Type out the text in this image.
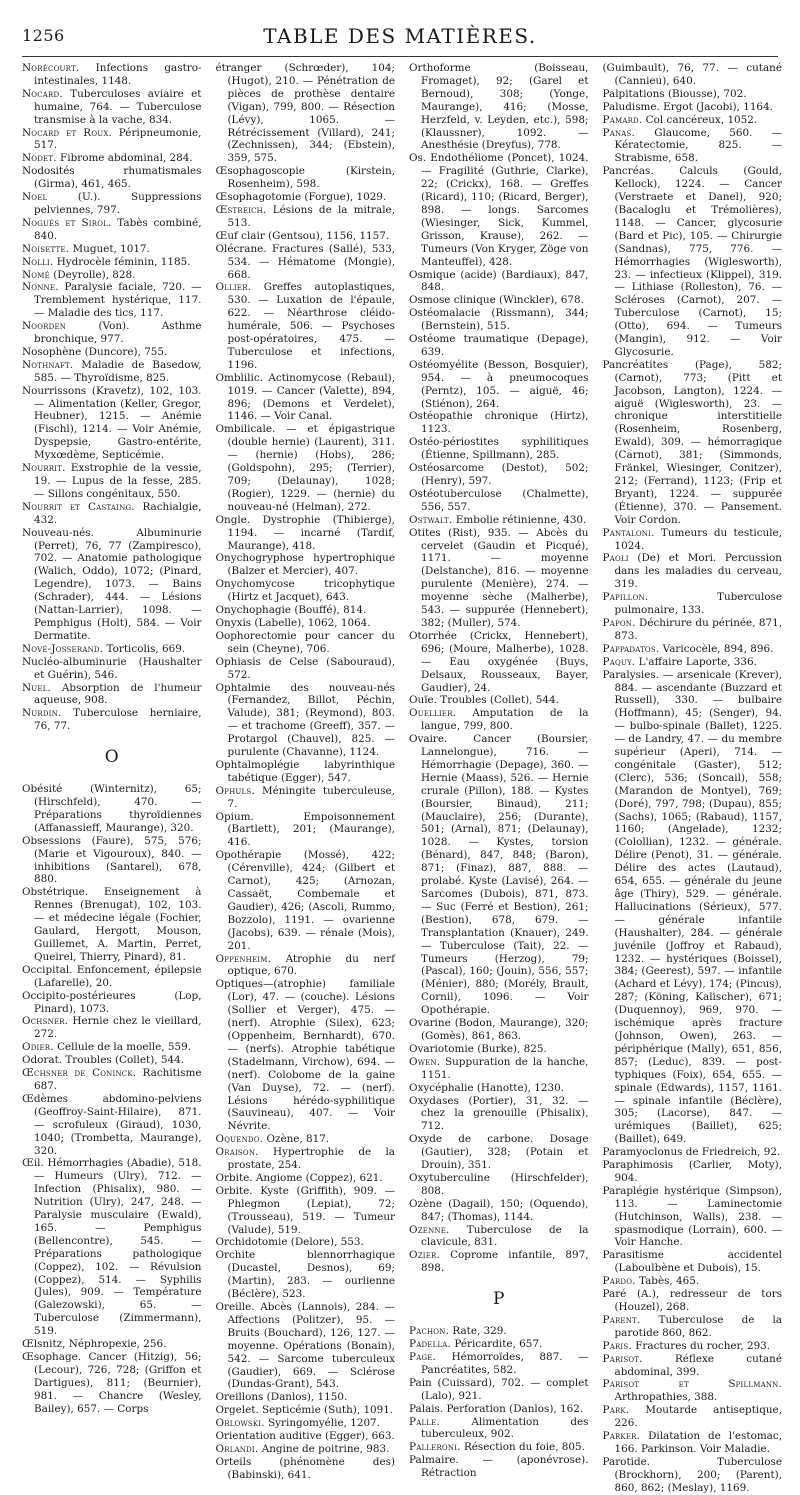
1256	TABLE DES MATIÈRES.

Norécourt. Infections gastro-intestinales, 1148.

Nocard. Tuberculoses aviaire et humaine, 764. — Tuberculose transmise à la vache, 834.

Nocard et Roux. Péripneumonie, 517.

Nodet. Fibrome abdominal, 284.

Nodosités rhumatismales (Girma), 461, 465.

Noel (U.). Suppressions pelviennes, 797.

Noguès et Sirol. Tabès combiné, 840.

Noisette. Muguet, 1017.

Nolli. Hydrocèle féminin, 1185.

Nomé (Deyrolle), 828.

Nonne. Paralysie faciale, 720. — Tremblement hystérique, 117. — Maladie des tics, 117.

Noorden (Von). Asthme bronchique, 977.

Nosophène (Duncore), 755.

Nothnaft. Maladie de Basedow, 585. — Thyroïdisme, 825.

Nourrissons (Kravetz), 102, 103. — Alimentation (Keller, Gregor, Heubner), 1215. — Anémie (Fischl), 1214. — Voir Anémie, Dyspepsie, Gastro-entérite, Myxœdème, Septicémie.

Nourrit. Exstrophie de la vessie, 19. — Lupus de la fesse, 285. — Sillons congénitaux, 550.

Nourrit et Castaing. Rachialgie, 432.

Nouveau-nés. Albuminurie (Perret), 76, 77 (Zampiresco), 702. — Anatomie pathologique (Walich, Oddo), 1072; (Pinard, Legendre), 1073. — Bains (Schrader), 444. — Lésions (Nattan-Larrier), 1098. — Pemphigus (Holt), 584. — Voir Dermatite.

Nové-Josserand. Torticolis, 669.

Nucléo-albuminurie (Haushalter et Guérin), 546.

Nuel. Absorption de l'humeur aqueuse, 908.

Nurdin. Tuberculose herniaire, 76, 77.

O

Obésité (Winternitz), 65; (Hirschfeld), 470. — Préparations thyroïdiennes (Affanassieff, Maurange), 320.

Obsessions (Faure), 575, 576; (Marie et Vigouroux), 840. — inhibitions (Santarel), 678, 880.

Obstétrique. Enseignement à Rennes (Brenugat), 102, 103. — et médecine légale (Fochier, Gaulard, Hergott, Mouson, Guillemet, A. Martin, Perret, Queirel, Thierry, Pinard), 81.

Occipital. Enfoncement, épilepsie (Lafarelle), 20.

Occipito-postérieures (Lop, Pinard), 1073.

Ochsner. Hernie chez le vieillard, 272.

Odier. Cellule de la moelle, 559.

Odorat. Troubles (Collet), 544.

Œchsner de Coninck. Rachitisme 687.

Œdèmes abdomino-pelviens (Geoffroy-Saint-Hilaire), 871. — scrofuleux (Giraud), 1030, 1040; (Trombetta, Maurange), 320.

Œil. Hémorrhagies (Abadie), 518. — Humeurs (Ulry), 712. — Infection (Phisalix), 980. — Nutrition (Ulry), 247, 248. — Paralysie musculaire (Ewald), 165. — Pemphigus (Bellencontre), 545. — Préparations pathologique (Coppez), 102. — Révulsion (Coppez), 514. — Syphilis (Jules), 909. — Température (Galezowski), 65. — Tuberculose (Zimmermann), 519.

Œlsnitz, Néphropexie, 256.

Œsophage. Cancer (Hitzig), 56; (Lecour), 726, 728; (Griffon et Dartigues), 811; (Beurnier), 981. — Chancre (Wesley, Bailey), 657. — Corps

étranger (Schrœder), 104; (Hugot), 210. — Pénétration de pièces de prothèse dentaire (Vigan), 799, 800. — Résection (Lévy), 1065. — Rétrécissement (Villard), 241; (Zechnissen), 344; (Ebstein), 359, 575.

Œsophagoscopie (Kirstein, Rosenheim), 598.

Œsophagotomie (Forgue), 1029.

Œstreich. Lésions de la mitrale, 513.

Œuf clair (Gentsou), 1156, 1157.

Olécrane. Fractures (Sallé), 533, 534. — Hématome (Mongie), 668.

Ollier. Greffes autoplastiques, 530. — Luxation de l'épaule, 622. — Néarthrose cléido-humérale, 506. — Psychoses post-opératoires, 475. — Tuberculose et infections, 1196.

Omblilic. Actinomycose (Rebaul), 1019. — Cancer (Valette), 894, 896; (Demons et Verdelet), 1146. — Voir Canal.

Ombilicale. — et épigastrique (double hernie) (Laurent), 311. — (hernie) (Hobs), 286; (Goldspohn), 295; (Terrier), 709; (Delaunay), 1028; (Rogier), 1229. — (hernie) du nouveau-né (Helman), 272.

Ongle. Dystrophie (Thibierge), 1194. — incarné (Tardif, Maurange), 418.

Onychogryphose hypertrophique (Balzer et Mercier), 407.

Onychomycose tricophytique (Hirtz et Jacquet), 643.

Onychophagie (Bouffé), 814.

Onyxis (Labelle), 1062, 1064.

Oophorectomie pour cancer du sein (Cheyne), 706.

Ophiasis de Celse (Sabouraud), 572.

Ophtalmie des nouveau-nés (Fernandez, Billot, Péchin, Valude), 381; (Reymond), 803. — et trachome (Greeff), 357. — Protargol (Chauvel), 825. — purulente (Chavanne), 1124.

Ophtalmoplégie labyrinthique tabétique (Egger), 547.

Ophuls. Méningite tuberculeuse, 7.

Opium. Empoisonnement (Bartlett), 201; (Maurange), 416.

Opothérapie (Mossé), 422; (Cérenville), 424; (Gilbert et Carnot), 425; (Arnozan, Cassaët, Combemale et Gaudier), 426; (Ascoli, Rummo, Bozzolo), 1191. — ovarienne (Jacobs), 639. — rénale (Mois), 201.

Oppenheim. Atrophie du nerf optique, 670.

Optiques—(atrophie) familiale (Lor), 47. — (couche). Lésions (Sollier et Verger), 475. — (nerf). Atrophie (Silex), 623; (Oppenheim, Bernhardt), 670. — (nerfs). Atrophie tabétique (Stadelmann, Virchow), 694. — (nerf). Colobome de la gaine (Van Duyse), 72. — (nerf). Lésions hérédo-syphilitique (Sauvineau), 407. — Voir Névrite.

Oquendo. Ozène, 817.

Oraison. Hypertrophie de la prostate, 254.

Orbite. Angiome (Coppez), 621.

Orbite. Kyste (Griffith), 909. — Phlegmon (Lepiat), 72; (Trousseau), 519. — Tumeur (Valude), 519.

Orchidotomie (Delore), 553.

Orchite blennorrhagique (Ducastel, Desnos), 69; (Martin), 283. — ourlienne (Béclère), 523.

Oreille. Abcès (Lannois), 284. — Affections (Politzer), 95. — Bruits (Bouchard), 126, 127. — moyenne. Opérations (Bonain), 542. — Sarcome tuberculeux (Gaudier), 669. — Sclérose (Dundas-Grant), 543.

Oreillons (Danlos), 1150.

Orgelet. Septicémie (Suth), 1091.

Orlowski. Syringomyélie, 1207.

Orientation auditive (Egger), 663.

Orlandi. Angine de poitrine, 983.

Orteils (phénomène des) (Babinski), 641.

Orthoforme (Boisseau, Fromaget), 92; (Garel et Bernoud), 308; (Yonge, Maurange), 416; (Mosse, Herzfeld, v. Leyden, etc.), 598; (Klaussner), 1092. — Anesthésie (Dreyfus), 778.

Os. Endothéliome (Poncet), 1024. — Fragilité (Guthrie, Clarke), 22; (Crickx), 168. — Greffes (Ricard), 110; (Ricard, Berger), 898. — longs. Sarcomes (Wiesinger, Sick, Kummel, Grisson, Krause), 262. — Tumeurs (Von Kryger, Zöge von Manteuffel), 428.

Osmique (acide) (Bardiaux), 847, 848.

Osmose clinique (Winckler), 678.

Ostéomalacie (Rissmann), 344; (Bernstein), 515.

Ostéome traumatique (Depage), 639.

Ostéomyélite (Besson, Bosquier), 954. — à pneumocoques (Perntz), 105. — aiguë, 46; (Stiénon), 264.

Ostéopathie chronique (Hirtz), 1123.

Ostéo-périostites syphilitiques (Étienne, Spillmann), 285.

Ostéosarcome (Destot), 502; (Henry), 597.

Ostéotuberculose (Chalmette), 556, 557.

Ostwalt. Embolie rétinienne, 430.

Otites (Rist), 935. — Abcès du cervelet (Gaudin et Picqué), 1171. — moyenne (Delstanche), 816. — moyenne purulente (Menière), 274. — moyenne sèche (Malherbe), 543. — suppurée (Hennebert), 382; (Muller), 574.

Otorrhée (Crickx, Hennebert), 696; (Moure, Malherbe), 1028. — Eau oxygénée (Buys, Delsaux, Rousseaux, Bayer, Gaudier), 24.

Ouïe. Troubles (Collet), 544.

Ouellier. Amputation de la langue, 799, 800.

Ovaire. Cancer (Boursier, Lannelongue), 716. — Hémorrhagie (Depage), 360. — Hernie (Maass), 526. — Hernie crurale (Pillon), 188. — Kystes (Boursier, Binaud), 211; (Mauclaire), 256; (Durante), 501; (Arnal), 871; (Delaunay), 1028. — Kystes, torsion (Bénard), 847, 848; (Baron), 871; (Finaz), 887, 888. — prolabé. Kyste (Lavisé), 264. — Sarcomes (Dubois), 871, 873. — Suc (Ferré et Bestion), 261; (Bestion), 678, 679. — Transplantation (Knauer), 249. — Tuberculose (Tait), 22. — Tumeurs (Herzog), 79; (Pascal), 160; (Jouin), 556, 557; (Ménier), 880; (Morély, Brault, Cornil), 1096. — Voir Opothérapie.

Ovarine (Bodon, Maurange), 320; (Gomès), 861, 863.

Ovariotomie (Burke), 825.

Owen. Suppuration de la hanche, 1151.

Oxycéphalie (Hanotte), 1230.

Oxydases (Portier), 31, 32. — chez la grenouille (Phisalix), 712.

Oxyde de carbone. Dosage (Gautier), 328; (Potain et Drouin), 351.

Oxytuberculine (Hirschfelder), 808.

Ozène (Dagail), 150; (Oquendo), 847; (Thomas), 1144.

Ozenne. Tuberculose de la clavicule, 831.

Ozier. Coprome infantile, 897, 898.

P

Pachon. Rate, 329.

Padella. Péricardite, 657.

Page. Hémorroïdes, 887. — Pancréatites, 582.

Pain (Cuissard), 702. — complet (Lalo), 921.

Palais. Perforation (Danlos), 162.

Palle. Alimentation des tuberculeux, 902.

Palleroni. Résection du foie, 805.

Palmaire. — (aponévrose). Rétraction

(Guimbault), 76, 77. — cutané (Cannieu), 640.

Palpitations (Biousse), 702.

Paludisme. Ergot (Jacobi), 1164.

Pamard. Col cancéreux, 1052.

Panas. Glaucome, 560. — Kératectomie, 825. — Strabisme, 658.

Pancréas. Calculs (Gould, Kellock), 1224. — Cancer (Verstraete et Danel), 920; (Bacaloglu et Trémolières), 1148. — Cancer, glycosurie (Bard et Pic), 105. — Chirurgie (Sandnas), 775, 776. — Hémorrhagies (Wiglesworth), 23. — infectieux (Klippel), 319. — Lithiase (Rolleston), 76. — Scléroses (Carnot), 207. — Tuberculose (Carnot), 15; (Otto), 694. — Tumeurs (Mangin), 912. — Voir Glycosurie.

Pancréatites (Page), 582; (Carnot), 773; (Pitt et Jacobson, Langton), 1224. — aiguë (Wiglesworth), 23. — chronique interstitielle (Rosenheim, Rosenberg, Ewald), 309. — hémorragique (Carnot), 381; (Simmonds, Fränkel, Wiesinger, Conitzer), 212; (Ferrand), 1123; (Frip et Bryant), 1224. — suppurée (Étienne), 370. — Pansement. Voir Cordon.

Pantaloni. Tumeurs du testicule, 1024.

Paoli (De) et Mori. Percussion dans les maladies du cerveau, 319.

Papillon. Tuberculose pulmonaire, 133.

Papon. Déchirure du périnée, 871, 873.

Pappadatos. Varicocèle, 894, 896.

Paquy. L'affaire Laporte, 336.

Paralysies. — arsenicale (Krever), 884. — ascendante (Buzzard et Russell), 330. — bulbaire (Hoffmann), 45; (Senger), 94. — bulbo-spinale (Ballet), 1225. — de Landry, 47. — du membre supérieur (Aperi), 714. — congénitale (Gaster), 512; (Clerc), 536; (Soncail), 558; (Marandon de Montyel), 769; (Doré), 797, 798; (Dupau), 855; (Sachs), 1065; (Rabaud), 1157, 1160; (Angelade), 1232; (Colollian), 1232. — générale. Délire (Penot), 31. — générale. Délire des actes (Lautaud), 654, 655. — générale du jeune âge (Thiry), 529. — générale. Hallucinations (Sérieux), 577. — générale infantile (Haushalter), 284. — générale juvénile (Joffroy et Rabaud), 1232. — hystériques (Boissel), 384; (Geerest), 597. — infantile (Achard et Lévy), 174; (Pincus), 287; (Köning, Kalischer), 671; (Duquennoy), 969, 970. — ischémique après fracture (Johnson, Owen), 263. — périphérique (Mally), 651, 856, 857; (Leduc), 839. — post-typhiques (Foix), 654, 655. — spinale (Edwards), 1157, 1161. — spinale infantile (Béclère), 305; (Lacorse), 847. — urémiques (Baillet), 625; (Baillet), 649.

Paramyoclonus de Friedreich, 92.

Paraphimosis (Carlier, Moty), 904.

Paraplégie hystérique (Simpson), 113. — Laminectomie (Hutchinson, Walls), 238. — spasmodique (Lorrain), 600. — Voir Hanche.

Parasitisme accidentel (Laboulbène et Dubois), 15.

Pardo. Tabès, 465.

Paré (A.), redresseur de tors (Houzel), 268.

Parent. Tuberculose de la parotide 860, 862.

Paris. Fractures du rocher, 293.

Parisot. Réflexe cutané abdominal, 399.

Parisot et Spillmann. Arthropathies, 388.

Park. Moutarde antiseptique, 226.

Parker. Dilatation de l'estomac, 166. Parkinson. Voir Maladie.

Parotide. Tuberculose (Brockhorn), 200; (Parent), 860, 862; (Meslay), 1169.
